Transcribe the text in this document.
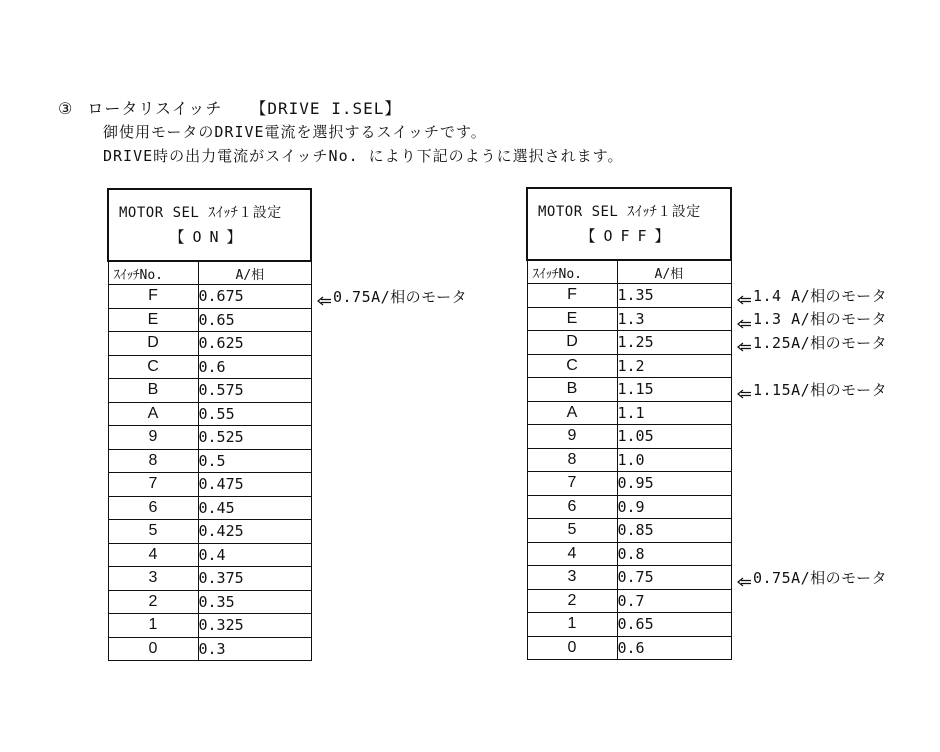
③ ロータリスイッチ 【DRIVE I.SEL】
御使用モータのDRIVE電流を選択するスイッチです。
DRIVE時の出力電流がスイッチNo. により下記のように選択されます。
MOTOR SEL ｽｲｯﾁ１設定
【ON】	

ｽｲｯﾁNo.	A/相
F	0.675
E	0.65
D	0.625
C	0.6
B	0.575
A	0.55
9	0.525
8	0.5
7	0.475
6	0.45
5	0.425
4	0.4
3	0.375
2	0.35
1	0.325
0	0.3
MOTOR SEL ｽｲｯﾁ１設定
【OFF】	

ｽｲｯﾁNo.	A/相
F	1.35
E	1.3
D	1.25
C	1.2
B	1.15
A	1.1
9	1.05
8	1.0
7	0.95
6	0.9
5	0.85
4	0.8
3	0.75
2	0.7
1	0.65
0	0.6
0.75A/相のモータ	1.4 A/相のモータ
1.3 A/相のモータ
1.25A/相のモータ
1.15A/相のモータ
0.75A/相のモータ
